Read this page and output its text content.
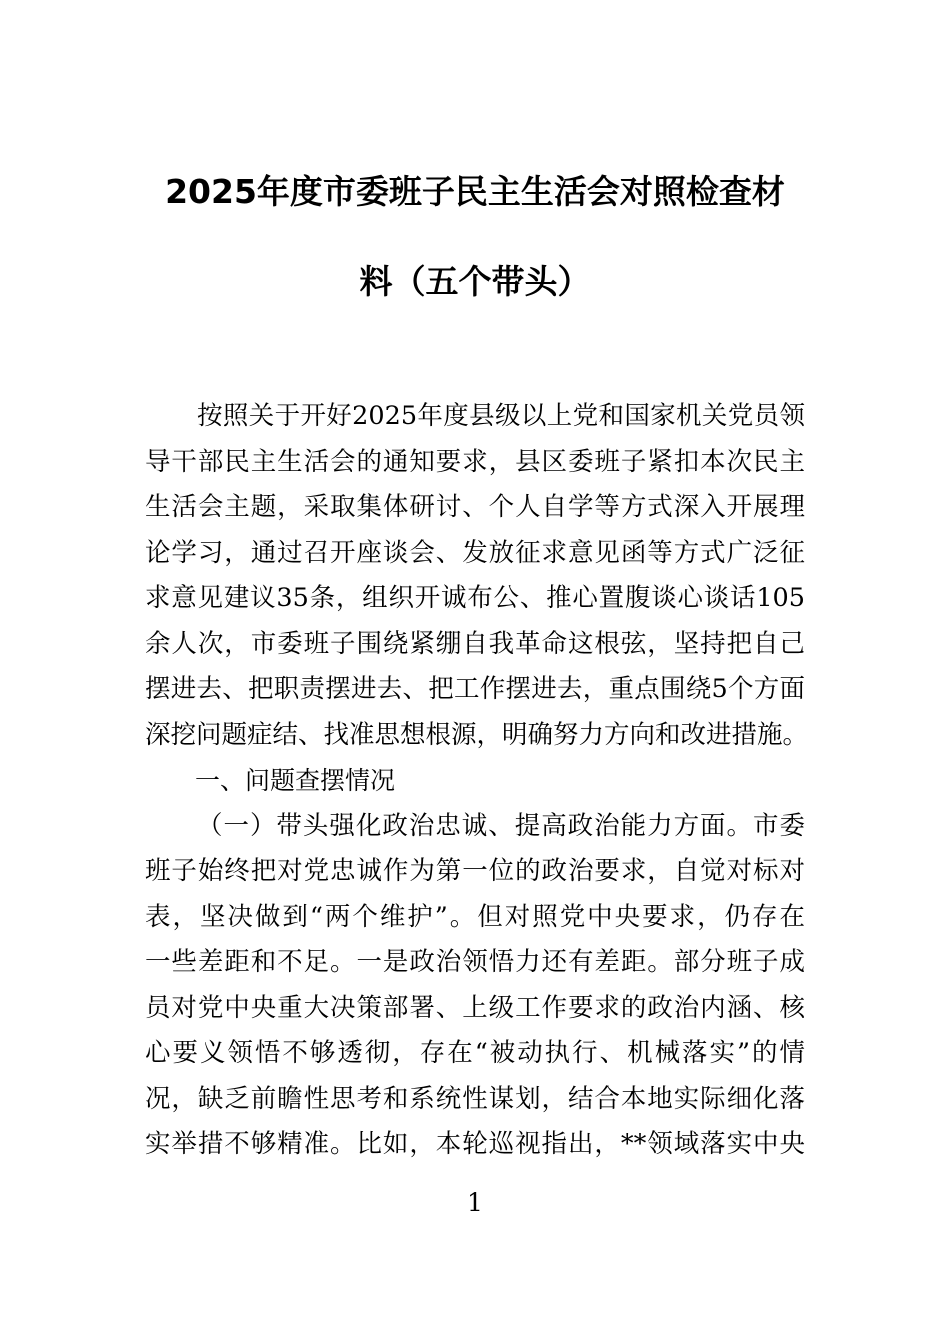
2025年度市委班子民主生活会对照检查材
料（五个带头）

按照关于开好2025年度县级以上党和国家机关党员领
导干部民主生活会的通知要求，县区委班子紧扣本次民主
生活会主题，采取集体研讨、个人自学等方式深入开展理
论学习，通过召开座谈会、发放征求意见函等方式广泛征
求意见建议35条，组织开诚布公、推心置腹谈心谈话105
余人次，市委班子围绕紧绷自我革命这根弦，坚持把自己
摆进去、把职责摆进去、把工作摆进去，重点围绕5个方面
深挖问题症结、找准思想根源，明确努力方向和改进措施。

一、问题查摆情况

（一）带头强化政治忠诚、提高政治能力方面。市委
班子始终把对党忠诚作为第一位的政治要求，自觉对标对
表，坚决做到“两个维护”。但对照党中央要求，仍存在
一些差距和不足。一是政治领悟力还有差距。部分班子成
员对党中央重大决策部署、上级工作要求的政治内涵、核
心要义领悟不够透彻，存在“被动执行、机械落实”的情
况，缺乏前瞻性思考和系统性谋划，结合本地实际细化落
实举措不够精准。比如，本轮巡视指出，**领域落实中央

1
